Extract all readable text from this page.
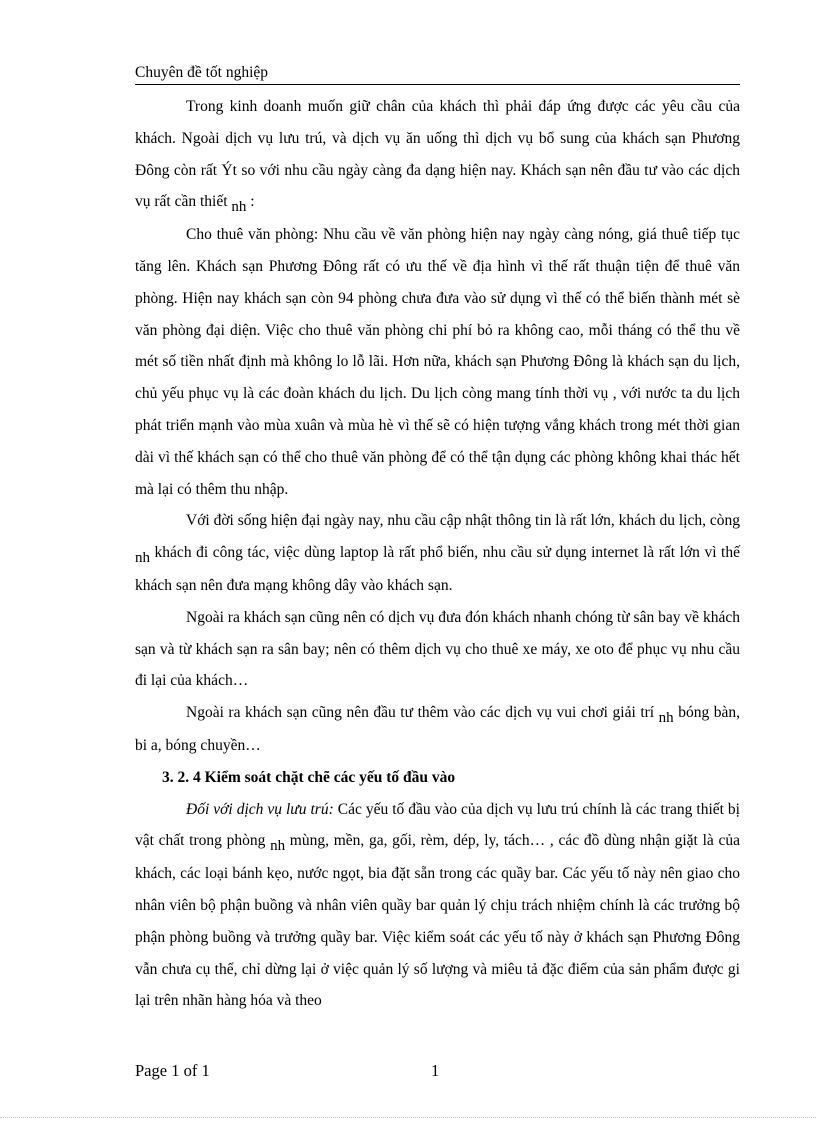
Chuyên đề tốt nghiệp

Trong kinh doanh muốn giữ chân của khách thì phải đáp ứng được các yêu cầu của khách. Ngoài dịch vụ lưu trú, và dịch vụ ăn uống thì dịch vụ bổ sung của khách sạn Phương Đông còn rất Ýt so với nhu cầu ngày càng đa dạng hiện nay. Khách sạn nên đầu tư vào các dịch vụ rất cần thiết nh :

Cho thuê văn phòng: Nhu cầu về văn phòng hiện nay ngày càng nóng, giá thuê tiếp tục tăng lên. Khách sạn Phương Đông rất có ưu thế về địa hình vì thế rất thuận tiện để thuê văn phòng. Hiện nay khách sạn còn 94 phòng chưa đưa vào sử dụng vì thế có thể biến thành mét sè văn phòng đại diện. Việc cho thuê văn phòng chi phí bỏ ra không cao, mỗi tháng có thể thu về mét số tiền nhất định mà không lo lỗ lãi. Hơn nữa, khách sạn Phương Đông là khách sạn du lịch, chủ yếu phục vụ là các đoàn khách du lịch. Du lịch còng mang tính thời vụ , với nước ta du lịch phát triển mạnh vào mùa xuân và mùa hè vì thế sẽ có hiện tượng vắng khách trong mét thời gian dài vì thế khách sạn có thể cho thuê văn phòng để có thể tận dụng các phòng không khai thác hết mà lại có thêm thu nhập.

Với đời sống hiện đại ngày nay, nhu cầu cập nhật thông tin là rất lớn, khách du lịch, còng nh khách đi công tác, việc dùng laptop là rất phổ biến, nhu cầu sử dụng internet là rất lớn vì thế khách sạn nên đưa mạng không dây vào khách sạn.

Ngoài ra khách sạn cũng nên có dịch vụ đưa đón khách nhanh chóng từ sân bay về khách sạn và từ khách sạn ra sân bay; nên có thêm dịch vụ cho thuê xe máy, xe oto để phục vụ nhu cầu đi lại của khách…

Ngoài ra khách sạn cũng nên đầu tư thêm vào các dịch vụ vui chơi giải trí nh bóng bàn, bi a, bóng chuyền…

3. 2. 4 Kiểm soát chặt chẽ các yếu tố đầu vào

Đối với dịch vụ lưu trú: Các yếu tố đầu vào của dịch vụ lưu trú chính là các trang thiết bị vật chất trong phòng nh mùng, mền, ga, gối, rèm, dép, ly, tách… , các đồ dùng nhận giặt là của khách, các loại bánh kẹo, nước ngọt, bia đặt sẵn trong các quầy bar. Các yếu tố này nên giao cho nhân viên bộ phận buồng và nhân viên quầy bar quản lý chịu trách nhiệm chính là các trưởng bộ phận phòng buồng và trưởng quầy bar. Việc kiểm soát các yếu tố này ở khách sạn Phương Đông vẫn chưa cụ thể, chỉ dừng lại ở việc quản lý số lượng và miêu tả đặc điểm của sản phẩm được gi lại trên nhãn hàng hóa và theo

Page 1 of 1	1
